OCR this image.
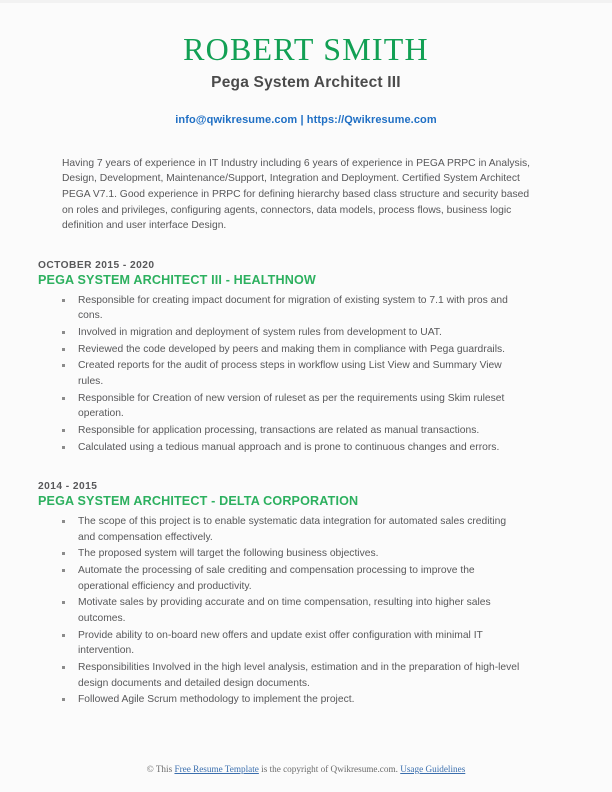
ROBERT SMITH
Pega System Architect III
info@qwikresume.com | https://Qwikresume.com
Having 7 years of experience in IT Industry including 6 years of experience in PEGA PRPC in Analysis, Design, Development, Maintenance/Support, Integration and Deployment. Certified System Architect PEGA V7.1. Good experience in PRPC for defining hierarchy based class structure and security based on roles and privileges, configuring agents, connectors, data models, process flows, business logic definition and user interface Design.
OCTOBER 2015 - 2020
PEGA SYSTEM ARCHITECT III - HEALTHNOW
Responsible for creating impact document for migration of existing system to 7.1 with pros and cons.
Involved in migration and deployment of system rules from development to UAT.
Reviewed the code developed by peers and making them in compliance with Pega guardrails.
Created reports for the audit of process steps in workflow using List View and Summary View rules.
Responsible for Creation of new version of ruleset as per the requirements using Skim ruleset operation.
Responsible for application processing, transactions are related as manual transactions.
Calculated using a tedious manual approach and is prone to continuous changes and errors.
2014 - 2015
PEGA SYSTEM ARCHITECT - DELTA CORPORATION
The scope of this project is to enable systematic data integration for automated sales crediting and compensation effectively.
The proposed system will target the following business objectives.
Automate the processing of sale crediting and compensation processing to improve the operational efficiency and productivity.
Motivate sales by providing accurate and on time compensation, resulting into higher sales outcomes.
Provide ability to on-board new offers and update exist offer configuration with minimal IT intervention.
Responsibilities Involved in the high level analysis, estimation and in the preparation of high-level design documents and detailed design documents.
Followed Agile Scrum methodology to implement the project.
© This Free Resume Template is the copyright of Qwikresume.com. Usage Guidelines
